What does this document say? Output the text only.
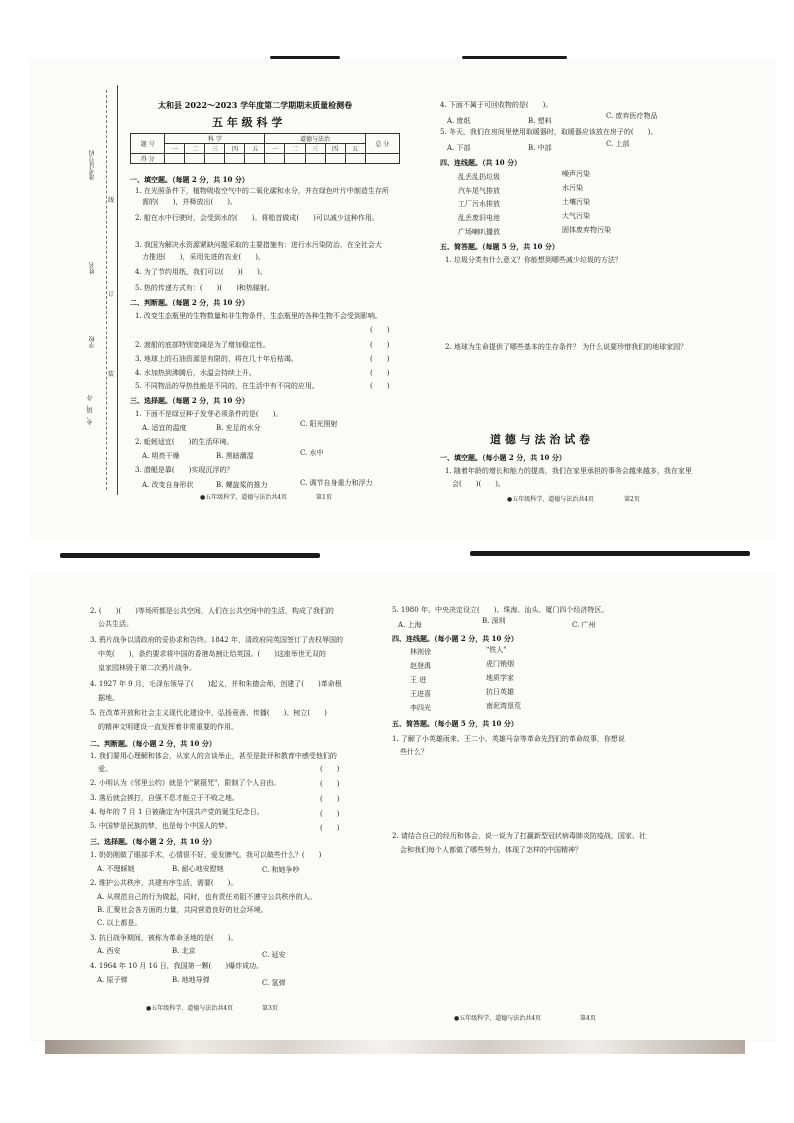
准考证号码
姓名
学校
乡、镇、办
线
订
装
太和县 2022～2023 学年度第二学期期末质量检测卷
五 年 级 科 学
题 号	科 学					道德与法治					总 分
	一	二	三	四	五	一	二	三	四	五	
得 分											
一、填空题。（每题 2 分，共 10 分）
1. 在光照条件下，植物吸收空气中的二氧化碳和水分，并在绿色叶片中制造生存所
需的(　　)，并释放出(　　)。
2. 船在水中行驶时，会受到水的(　　)。将船首做成(　　)可以减少这种作用。
3. 我国为解决水资源紧缺问题采取的主要措施有：进行水污染防治，在全社会大
力推进(　　)，采用先进的农业(　　)。
4. 为了节约用纸，我们可以(　　)(　　)。
5. 热的传递方式有：(　　)(　　)和热辐射。
二、判断题。（每题 2 分，共 10 分）
1. 改变生态瓶里的生物数量和非生物条件，生态瓶里的各种生物不会受到影响。
(　　)
2. 渡船的底部特别宽阔是为了增加稳定性。	(　　)
3. 地球上的石油资源是有限的，将在几十年后枯竭。	(　　)
4. 水加热到沸腾后，水温会持续上升。	(　　)
5. 不同物品的导热性能是不同的，在生活中有不同的应用。	(　　)
三、选择题。（每题 2 分，共 10 分）
1. 下面不是绿豆种子发芽必须条件的是(　　)。
A. 适宜的温度	B. 充足的水分	C. 阳光照射
2. 蚯蚓适宜(　　)的生活环境。
A. 明亮干燥	B. 黑暗潮湿	C. 水中
3. 潜艇是靠(　　)实现沉浮的？
A. 改变自身形状	B. 螺旋桨的推力	C. 调节自身重力和浮力
●五年级科学、道德与法治共4页	第1页
4. 下面不属于可回收物的是(　　)。
A. 废纸	B. 塑料
C. 废弃医疗物品
5. 冬天，我们在房间里使用取暖器时，取暖器应该放在房子的(　　)。
A. 下部	B. 中部	C. 上部
四、连线题。（共 10 分）
乱丢乱扔垃圾
汽车尾气排放
工厂污水排放
乱丢废旧电池
广场喇叭播放
噪声污染
水污染
土壤污染
大气污染
固体废弃物污染
五、简答题。（每题 5 分，共 10 分）
1. 垃圾分类有什么意义？你能想到哪些减少垃圾的方法？
2. 地球为生命提供了哪些基本的生存条件？ 为什么说要珍惜我们的地球家园？
道 德 与 法 治 试 卷
一、填空题。（每小题 2 分，共 10 分）
1. 随着年龄的增长和能力的提高，我们在家里承担的事务会越来越多，我在家里
会(　　)(　　)。
●五年级科学、道德与法治共4页	第2页
2. (　　)(　　)等场所都是公共空间，人们在公共空间中的生活，构成了我们的
公共生活。
3. 鸦片战争以清政府的妥协求和告终。1842 年，清政府同英国签订了丧权辱国的
中英(　　)，条约要求将中国的香港岛割让给英国。(　　)这座举世无双的
皇家园林毁于第二次鸦片战争。
4. 1927 年 9 月，毛泽东领导了(　　)起义，并和朱德会师，创建了(　　)革命根
据地。
5. 在改革开放和社会主义现代化建设中，弘扬竟善、传播(　　)、树立(　　)
的精神文明建设一直发挥着非常重要的作用。
二、判断题。（每小题 2 分，共 10 分）
1. 我们要用心理解和体会，从家人的言谈举止，甚至是批评和教育中感受他们的
爱。	(　　)
2. 小明认为《邻里公约》就是个"紧箍咒"，限制了个人自由。	(　　)
3. 落后就会挨打，自强不息才能立于不败之地。	(　　)
4. 每年的 7 月 1 日被确定为中国共产党的诞生纪念日。	(　　)
5. 中国梦是民族的梦，也是每个中国人的梦。	(　　)
三、选择题。（每小题 2 分，共 10 分）
1. 奶奶刚做了眼部手术，心情很不好，爱发脾气。我可以做些什么？(　　)
A. 不理睬她	B. 耐心地安慰她	C. 和她争吵
2. 维护公共秩序，共建有序生活，需要(　　)。
A. 从规范自己的行为做起，同时，也有责任劝阻不遵守公共秩序的人。
B. 汇聚社会各方面的力量，共同营造良好的社会环境。
C. 以上都是。
3. 抗日战争期间，被称为革命圣地的是(　　)。
A. 西安	B. 北京	C. 延安
4. 1964 年 10 月 16 日，我国第一颗(　　)爆炸成功。
A. 原子弹	B. 地地导弹	C. 氢弹
●五年级科学、道德与法治共4页	第3页
5. 1980 年，中央决定设立(　　)、珠海、汕头、厦门四个经济特区。
A. 上海	B. 深圳	C. 广州
四、连线题。（每小题 2 分，共 10 分）
林则徐
赵登禹
王 进
王进喜
李四光
"铁人"
虎门销烟
地质学家
抗日英雄
南泥湾垦荒
五、简答题。（每小题 5 分，共 10 分）
1. 了解了小英雄雨来、王二小、英雄马奈等革命先烈们的革命故事，你想说
些什么？
2. 请结合自己的经历和体会，说一说为了打赢新型冠状病毒肺炎防疫战，国家、社
会和我们每个人都做了哪些努力，体现了怎样的中国精神？
●五年级科学、道德与法治共4页	第4页
